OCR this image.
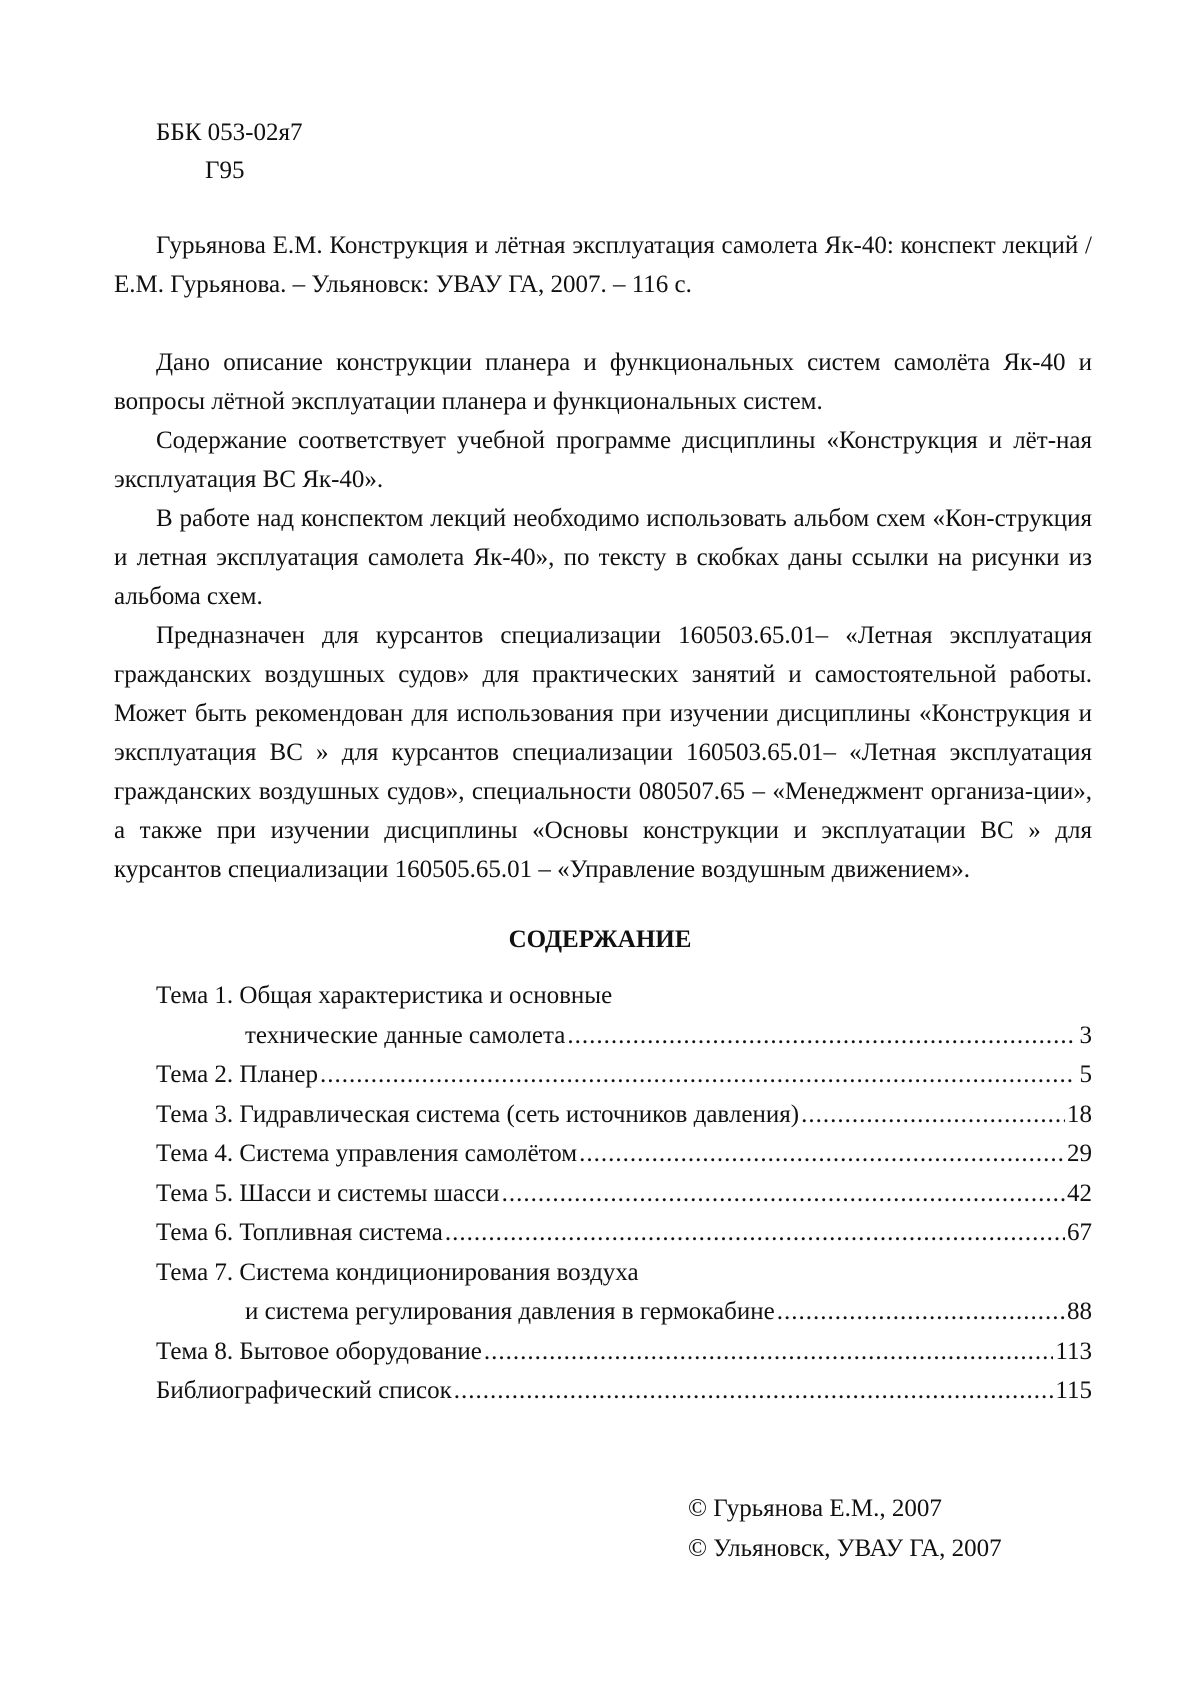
ББК 053-02я7
Г95
Гурьянова Е.М. Конструкция и лётная эксплуатация самолета Як-40: конспект лекций / Е.М. Гурьянова. – Ульяновск: УВАУ ГА, 2007. – 116 с.

Дано описание конструкции планера и функциональных систем самолёта Як-40 и вопросы лётной эксплуатации планера и функциональных систем.

Содержание соответствует учебной программе дисциплины «Конструкция и лёт-ная эксплуатация ВС Як-40».

В работе над конспектом лекций необходимо использовать альбом схем «Кон-струкция и летная эксплуатация самолета Як-40», по тексту в скобках даны ссылки на рисунки из альбома схем.

Предназначен для курсантов специализации 160503.65.01– «Летная эксплуатация гражданских воздушных судов» для практических занятий и самостоятельной работы. Может быть рекомендован для использования при изучении дисциплины «Конструкция и эксплуатация ВС » для курсантов специализации 160503.65.01– «Летная эксплуатация гражданских воздушных судов», специальности 080507.65 – «Менеджмент организа-ции», а также при изучении дисциплины «Основы конструкции и эксплуатации ВС » для курсантов специализации 160505.65.01 – «Управление воздушным движением».

СОДЕРЖАНИЕ
Тема 1. Общая характеристика и основные
технические данные самолета .....	3
Тема 2. Планер .....	5
Тема 3. Гидравлическая система (сеть источников давления) .....	18
Тема 4. Система управления самолётом .....	29
Тема 5. Шасси и системы шасси .....	42
Тема 6. Топливная система .....	67
Тема 7. Система кондиционирования воздуха
и система регулирования давления в гермокабине .....	88
Тема 8. Бытовое оборудование .....	113
Библиографический список .....	115
© Гурьянова Е.М., 2007
© Ульяновск, УВАУ ГА, 2007
